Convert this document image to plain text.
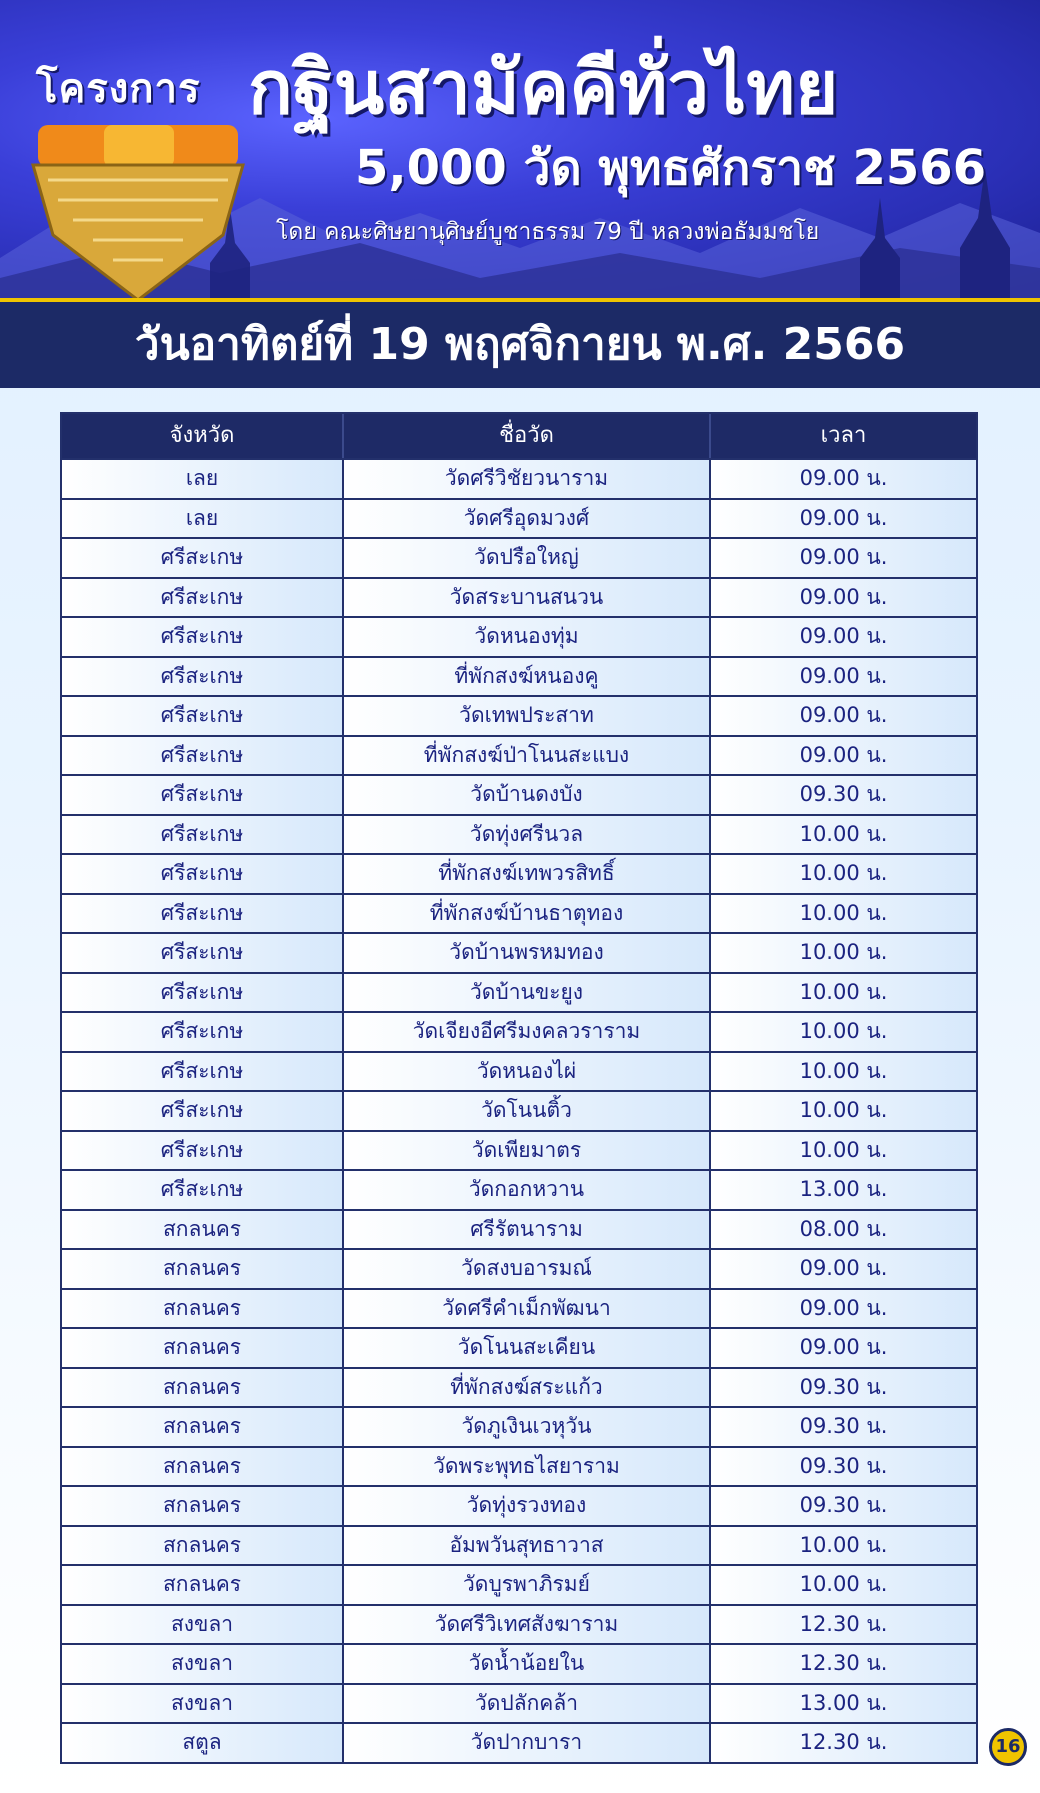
โครงการ กฐินสามัคคีทั่วไทย
5,000 วัด พุทธศักราช 2566
โดย คณะศิษยานุศิษย์บูชาธรรม 79 ปี หลวงพ่อธัมมชโย
วันอาทิตย์ที่ 19 พฤศจิกายน พ.ศ. 2566
จังหวัด	ชื่อวัด	เวลา
เลย	วัดศรีวิชัยวนาราม	09.00 น.
เลย	วัดศรีอุดมวงศ์	09.00 น.
ศรีสะเกษ	วัดปรือใหญ่	09.00 น.
ศรีสะเกษ	วัดสระบานสนวน	09.00 น.
ศรีสะเกษ	วัดหนองทุ่ม	09.00 น.
ศรีสะเกษ	ที่พักสงฆ์หนองคู	09.00 น.
ศรีสะเกษ	วัดเทพประสาท	09.00 น.
ศรีสะเกษ	ที่พักสงฆ์ป่าโนนสะแบง	09.00 น.
ศรีสะเกษ	วัดบ้านดงบัง	09.30 น.
ศรีสะเกษ	วัดทุ่งศรีนวล	10.00 น.
ศรีสะเกษ	ที่พักสงฆ์เทพวรสิทธิ์	10.00 น.
ศรีสะเกษ	ที่พักสงฆ์บ้านธาตุทอง	10.00 น.
ศรีสะเกษ	วัดบ้านพรหมทอง	10.00 น.
ศรีสะเกษ	วัดบ้านขะยูง	10.00 น.
ศรีสะเกษ	วัดเจียงอีศรีมงคลวราราม	10.00 น.
ศรีสะเกษ	วัดหนองไผ่	10.00 น.
ศรีสะเกษ	วัดโนนติ้ว	10.00 น.
ศรีสะเกษ	วัดเพียมาตร	10.00 น.
ศรีสะเกษ	วัดกอกหวาน	13.00 น.
สกลนคร	ศรีรัตนาราม	08.00 น.
สกลนคร	วัดสงบอารมณ์	09.00 น.
สกลนคร	วัดศรีคำเม็กพัฒนา	09.00 น.
สกลนคร	วัดโนนสะเคียน	09.00 น.
สกลนคร	ที่พักสงฆ์สระแก้ว	09.30 น.
สกลนคร	วัดภูเงินเวหุวัน	09.30 น.
สกลนคร	วัดพระพุทธไสยาราม	09.30 น.
สกลนคร	วัดทุ่งรวงทอง	09.30 น.
สกลนคร	อัมพวันสุทธาวาส	10.00 น.
สกลนคร	วัดบูรพาภิรมย์	10.00 น.
สงขลา	วัดศรีวิเทศสังฆาราม	12.30 น.
สงขลา	วัดน้ำน้อยใน	12.30 น.
สงขลา	วัดปลักคล้า	13.00 น.
สตูล	วัดปากบารา	12.30 น.	16
